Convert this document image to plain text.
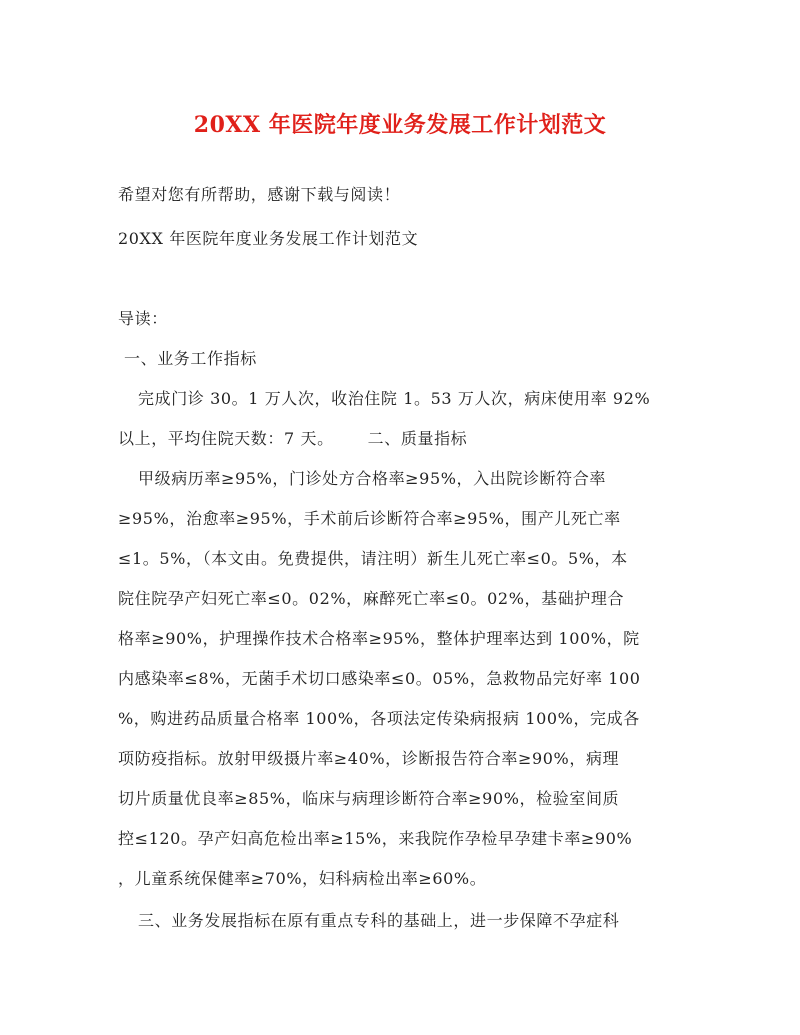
20XX 年医院年度业务发展工作计划范文
希望对您有所帮助，感谢下载与阅读！
20XX 年医院年度业务发展工作计划范文
导读：
一、业务工作指标
完成门诊 30。1 万人次，收治住院 1。53 万人次，病床使用率 92%
以上，平均住院天数：7 天。 二、质量指标
甲级病历率≥95%，门诊处方合格率≥95%，入出院诊断符合率
≥95%，治愈率≥95%，手术前后诊断符合率≥95%，围产儿死亡率
≤1。5%，（本文由。免费提供，请注明）新生儿死亡率≤0。5%，本
院住院孕产妇死亡率≤0。02%，麻醉死亡率≤0。02%，基础护理合
格率≥90%，护理操作技术合格率≥95%，整体护理率达到 100%，院
内感染率≤8%，无菌手术切口感染率≤0。05%，急救物品完好率 100
%，购进药品质量合格率 100%，各项法定传染病报病 100%，完成各
项防疫指标。放射甲级摄片率≥40%，诊断报告符合率≥90%，病理
切片质量优良率≥85%，临床与病理诊断符合率≥90%，检验室间质
控≤120。孕产妇高危检出率≥15%，来我院作孕检早孕建卡率≥90%
，儿童系统保健率≥70%，妇科病检出率≥60%。
三、业务发展指标在原有重点专科的基础上，进一步保障不孕症科
